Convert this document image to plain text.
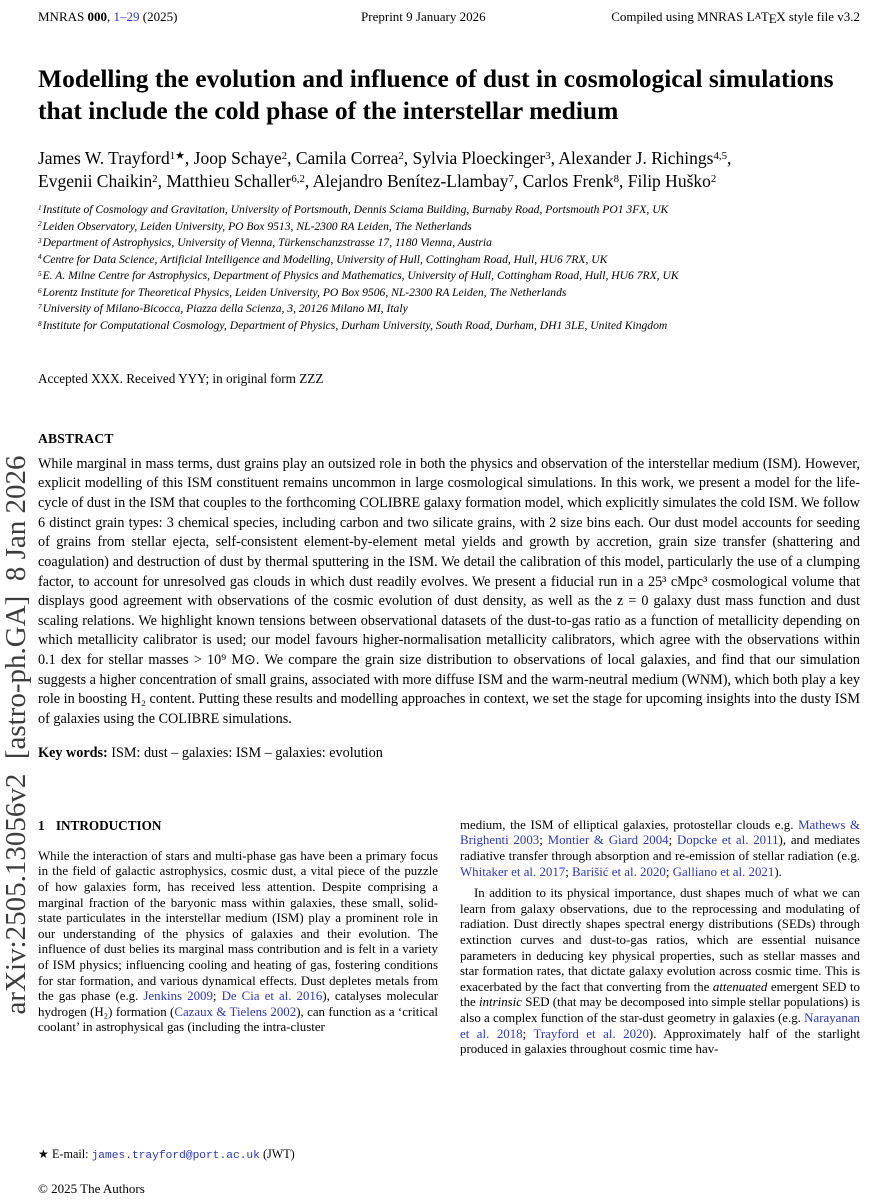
arXiv:2505.13056v2  [astro-ph.GA]  8 Jan 2026
MNRAS 000, 1–29 (2025)	Preprint 9 January 2026	Compiled using MNRAS LATEX style file v3.2
Modelling the evolution and influence of dust in cosmological simulations that include the cold phase of the interstellar medium
James W. Trayford$^{1★}$, Joop Schaye$^2$, Camila Correa$^2$, Sylvia Ploeckinger$^3$, Alexander J. Richings$^{4,5}$,
Evgenii Chaikin$^2$, Matthieu Schaller$^{6,2}$, Alejandro Benítez-Llambay$^7$, Carlos Frenk$^8$, Filip Huško$^2$
$^1$Institute of Cosmology and Gravitation, University of Portsmouth, Dennis Sciama Building, Burnaby Road, Portsmouth PO1 3FX, UK
$^2$Leiden Observatory, Leiden University, PO Box 9513, NL-2300 RA Leiden, The Netherlands
$^3$Department of Astrophysics, University of Vienna, Türkenschanzstrasse 17, 1180 Vienna, Austria
$^4$Centre for Data Science, Artificial Intelligence and Modelling, University of Hull, Cottingham Road, Hull, HU6 7RX, UK
$^5$E. A. Milne Centre for Astrophysics, Department of Physics and Mathematics, University of Hull, Cottingham Road, Hull, HU6 7RX, UK
$^6$Lorentz Institute for Theoretical Physics, Leiden University, PO Box 9506, NL-2300 RA Leiden, The Netherlands
$^7$University of Milano-Bicocca, Piazza della Scienza, 3, 20126 Milano MI, Italy
$^8$Institute for Computational Cosmology, Department of Physics, Durham University, South Road, Durham, DH1 3LE, United Kingdom
Accepted XXX. Received YYY; in original form ZZZ
ABSTRACT

While marginal in mass terms, dust grains play an outsized role in both the physics and observation of the interstellar medium (ISM). However, explicit modelling of this ISM constituent remains uncommon in large cosmological simulations. In this work, we present a model for the life-cycle of dust in the ISM that couples to the forthcoming COLIBRE galaxy formation model, which explicitly simulates the cold ISM. We follow 6 distinct grain types: 3 chemical species, including carbon and two silicate grains, with 2 size bins each. Our dust model accounts for seeding of grains from stellar ejecta, self-consistent element-by-element metal yields and growth by accretion, grain size transfer (shattering and coagulation) and destruction of dust by thermal sputtering in the ISM. We detail the calibration of this model, particularly the use of a clumping factor, to account for unresolved gas clouds in which dust readily evolves. We present a fiducial run in a 25³ cMpc³ cosmological volume that displays good agreement with observations of the cosmic evolution of dust density, as well as the z = 0 galaxy dust mass function and dust scaling relations. We highlight known tensions between observational datasets of the dust-to-gas ratio as a function of metallicity depending on which metallicity calibrator is used; our model favours higher-normalisation metallicity calibrators, which agree with the observations within 0.1 dex for stellar masses > 10⁹ M⊙. We compare the grain size distribution to observations of local galaxies, and find that our simulation suggests a higher concentration of small grains, associated with more diffuse ISM and the warm-neutral medium (WNM), which both play a key role in boosting H₂ content. Putting these results and modelling approaches in context, we set the stage for upcoming insights into the dusty ISM of galaxies using the COLIBRE simulations.

Key words: ISM: dust – galaxies: ISM – galaxies: evolution

1 INTRODUCTION

While the interaction of stars and multi-phase gas have been a primary focus in the field of galactic astrophysics, cosmic dust, a vital piece of the puzzle of how galaxies form, has received less attention. Despite comprising a marginal fraction of the baryonic mass within galaxies, these small, solid-state particulates in the interstellar medium (ISM) play a prominent role in our understanding of the physics of galaxies and their evolution. The influence of dust belies its marginal mass contribution and is felt in a variety of ISM physics; influencing cooling and heating of gas, fostering conditions for star formation, and various dynamical effects. Dust depletes metals from the gas phase (e.g. Jenkins 2009; De Cia et al. 2016), catalyses molecular hydrogen (H₂) formation (Cazaux & Tielens 2002), can function as a ‘critical coolant’ in astrophysical gas (including the intra-cluster

medium, the ISM of elliptical galaxies, protostellar clouds e.g. Mathews & Brighenti 2003; Montier & Giard 2004; Dopcke et al. 2011), and mediates radiative transfer through absorption and re-emission of stellar radiation (e.g. Whitaker et al. 2017; Barišić et al. 2020; Galliano et al. 2021).

In addition to its physical importance, dust shapes much of what we can learn from galaxy observations, due to the reprocessing and modulating of radiation. Dust directly shapes spectral energy distributions (SEDs) through extinction curves and dust-to-gas ratios, which are essential nuisance parameters in deducing key physical properties, such as stellar masses and star formation rates, that dictate galaxy evolution across cosmic time. This is exacerbated by the fact that converting from the attenuated emergent SED to the intrinsic SED (that may be decomposed into simple stellar populations) is also a complex function of the star-dust geometry in galaxies (e.g. Narayanan et al. 2018; Trayford et al. 2020). Approximately half of the starlight produced in galaxies throughout cosmic time hav-

★ E-mail: james.trayford@port.ac.uk (JWT)
© 2025 The Authors
